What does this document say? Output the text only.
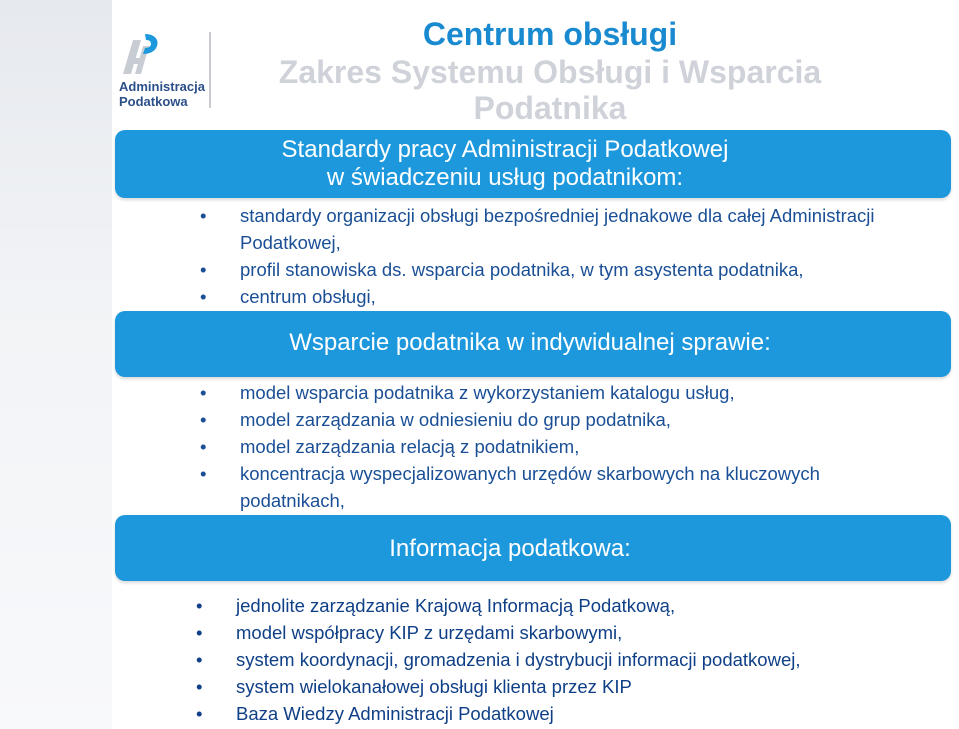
Administracja
Podatkowa
Centrum obsługi
Zakres Systemu Obsługi i Wsparcia Podatnika
Standardy pracy Administracji Podatkowej
w świadczeniu usług podatnikom:
• standardy organizacji obsługi bezpośredniej jednakowe dla całej Administracji Podatkowej,
• profil stanowiska ds. wsparcia podatnika, w tym asystenta podatnika,
• centrum obsługi,
Wsparcie podatnika w indywidualnej sprawie:
• model wsparcia podatnika z wykorzystaniem katalogu usług,
• model zarządzania w odniesieniu do grup podatnika,
• model zarządzania relacją z podatnikiem,
• koncentracja wyspecjalizowanych urzędów skarbowych na kluczowych podatnikach,
Informacja podatkowa:
• jednolite zarządzanie Krajową Informacją Podatkową,
• model współpracy KIP z urzędami skarbowymi,
• system koordynacji, gromadzenia i dystrybucji informacji podatkowej,
• system wielokanałowej obsługi klienta przez KIP
• Baza Wiedzy Administracji Podatkowej
